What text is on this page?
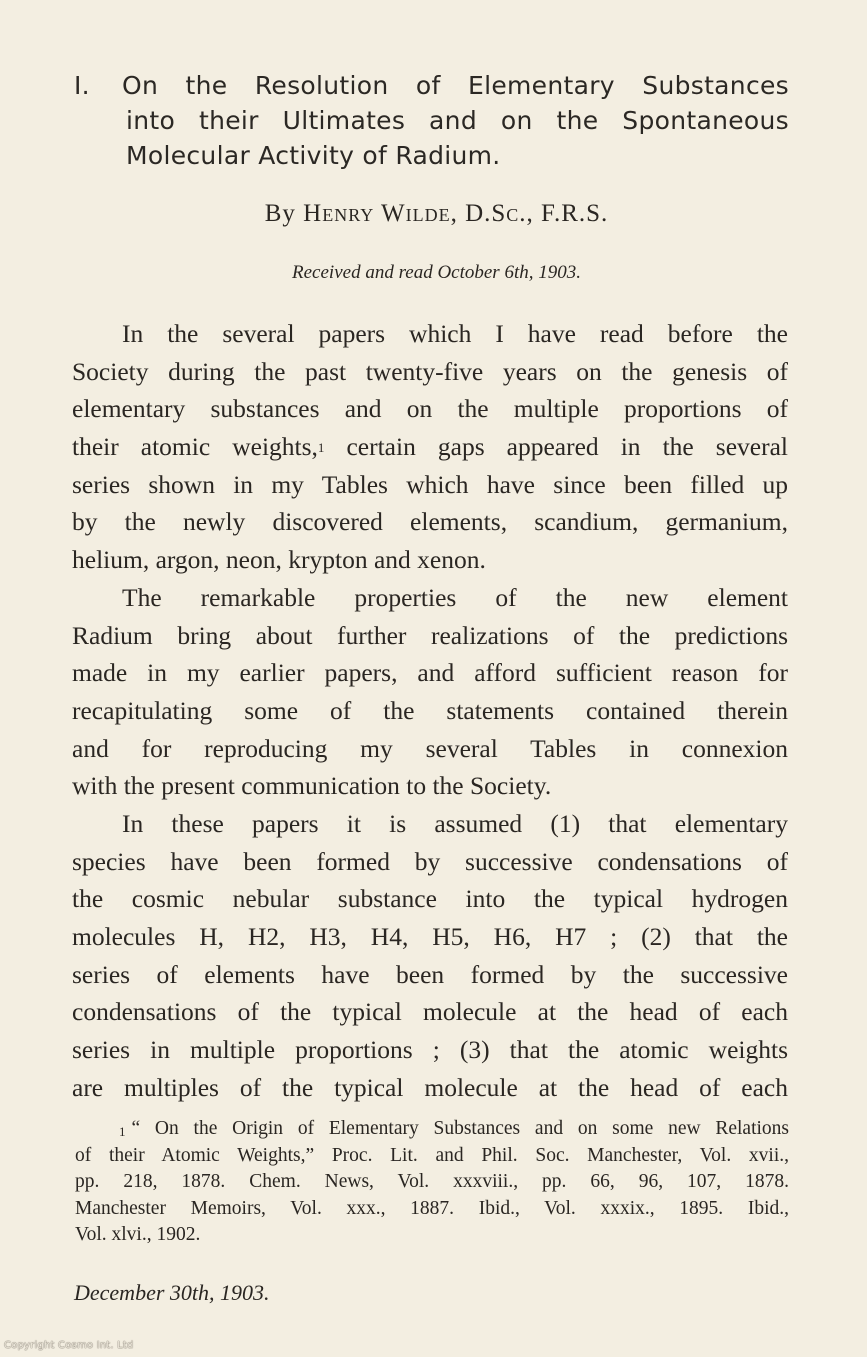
I. On the Resolution of Elementary Substances
into their Ultimates and on the Spontaneous
Molecular Activity of Radium.
By Henry Wilde, D.Sc., F.R.S.
Received and read October 6th, 1903.
In the several papers which I have read before the
Society during the past twenty-five years on the genesis of
elementary substances and on the multiple proportions of
their atomic weights,$^1$ certain gaps appeared in the several
series shown in my Tables which have since been filled up
by the newly discovered elements, scandium, germanium,
helium, argon, neon, krypton and xenon.
The remarkable properties of the new element
Radium bring about further realizations of the predictions
made in my earlier papers, and afford sufficient reason for
recapitulating some of the statements contained therein
and for reproducing my several Tables in connexion
with the present communication to the Society.
In these papers it is assumed (1) that elementary
species have been formed by successive condensations of
the cosmic nebular substance into the typical hydrogen
molecules H, H2, H3, H4, H5, H6, H7 ; (2) that the
series of elements have been formed by the successive
condensations of the typical molecule at the head of each
series in multiple proportions ; (3) that the atomic weights
are multiples of the typical molecule at the head of each
$^1$ “ On the Origin of Elementary Substances and on some new Relations
of their Atomic Weights,” Proc. Lit. and Phil. Soc. Manchester, Vol. xvii.,
pp. 218, 1878. Chem. News, Vol. xxxviii., pp. 66, 96, 107, 1878.
Manchester Memoirs, Vol. xxx., 1887. Ibid., Vol. xxxix., 1895. Ibid.,
Vol. xlvi., 1902.
December 30th, 1903.
Copyright Cosmo Int. Ltd
